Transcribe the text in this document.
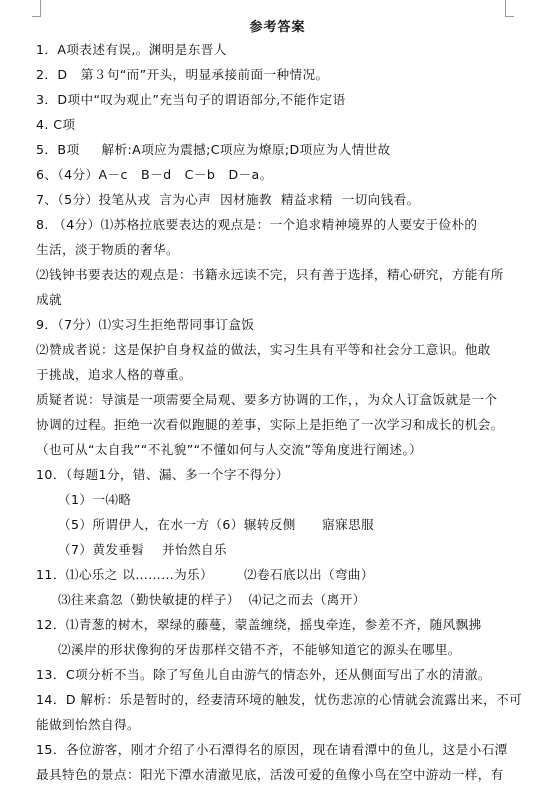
参考答案
1．A项表述有误,。渊明是东晋人
2．D   第３句“而”开头，明显承接前面一种情况。
3．D项中“叹为观止”充当句子的谓语部分,不能作定语
4. C项
5．B项     解析:A项应为震撼;C项应为燎原;D项应为人情世故
6、（4分）A－c   B－d   C－b   D－a。
7、（5分）投笔从戎  言为心声  因材施教  精益求精  一切向钱看。
8. （4分）⑴苏格拉底要表达的观点是：一个追求精神境界的人要安于俭朴的
生活，淡于物质的奢华。
⑵钱钟书要表达的观点是：书籍永远读不完，只有善于选择，精心研究，方能有所
成就
9．（7分）⑴实习生拒绝帮同事订盒饭
⑵赞成者说：这是保护自身权益的做法，实习生具有平等和社会分工意识。他敢
于挑战，追求人格的尊重。
质疑者说：导演是一项需要全局观、要多方协调的工作，，为众人订盒饭就是一个
协调的过程。拒绝一次看似跑腿的差事，实际上是拒绝了一次学习和成长的机会。
（也可从“太自我”“不礼貌”“不懂如何与人交流”等角度进行阐述。）
10．（每题1分，错、漏、多一个字不得分）
（1）一⑷略
（5）所谓伊人，在水一方（6）辗转反侧      寤寐思服
（7）黄发垂髫    并怡然自乐
11．⑴心乐之 以………为乐）       ⑵卷石底以出（弯曲）
⑶往来翕忽（勤快敏捷的样子）  ⑷记之而去（离开）
12．⑴青葱的树木，翠绿的藤蔓，蒙盖缠绕，摇曳牵连，参差不齐，随风飘拂
⑵溪岸的形状像狗的牙齿那样交错不齐，不能够知道它的源头在哪里。
13．C项分析不当。除了写鱼儿自由游气的情态外，还从侧面写出了水的清澈。
14．D 解析：乐是暂时的，经妻清环境的触发，忧伤悲凉的心情就会流露出来，不可
能做到怡然自得。
15．各位游客，刚才介绍了小石潭得名的原因，现在请看潭中的鱼儿，这是小石潭
最具特色的景点：阳光下潭水清澈见底，活泼可爱的鱼像小鸟在空中游动一样，有
